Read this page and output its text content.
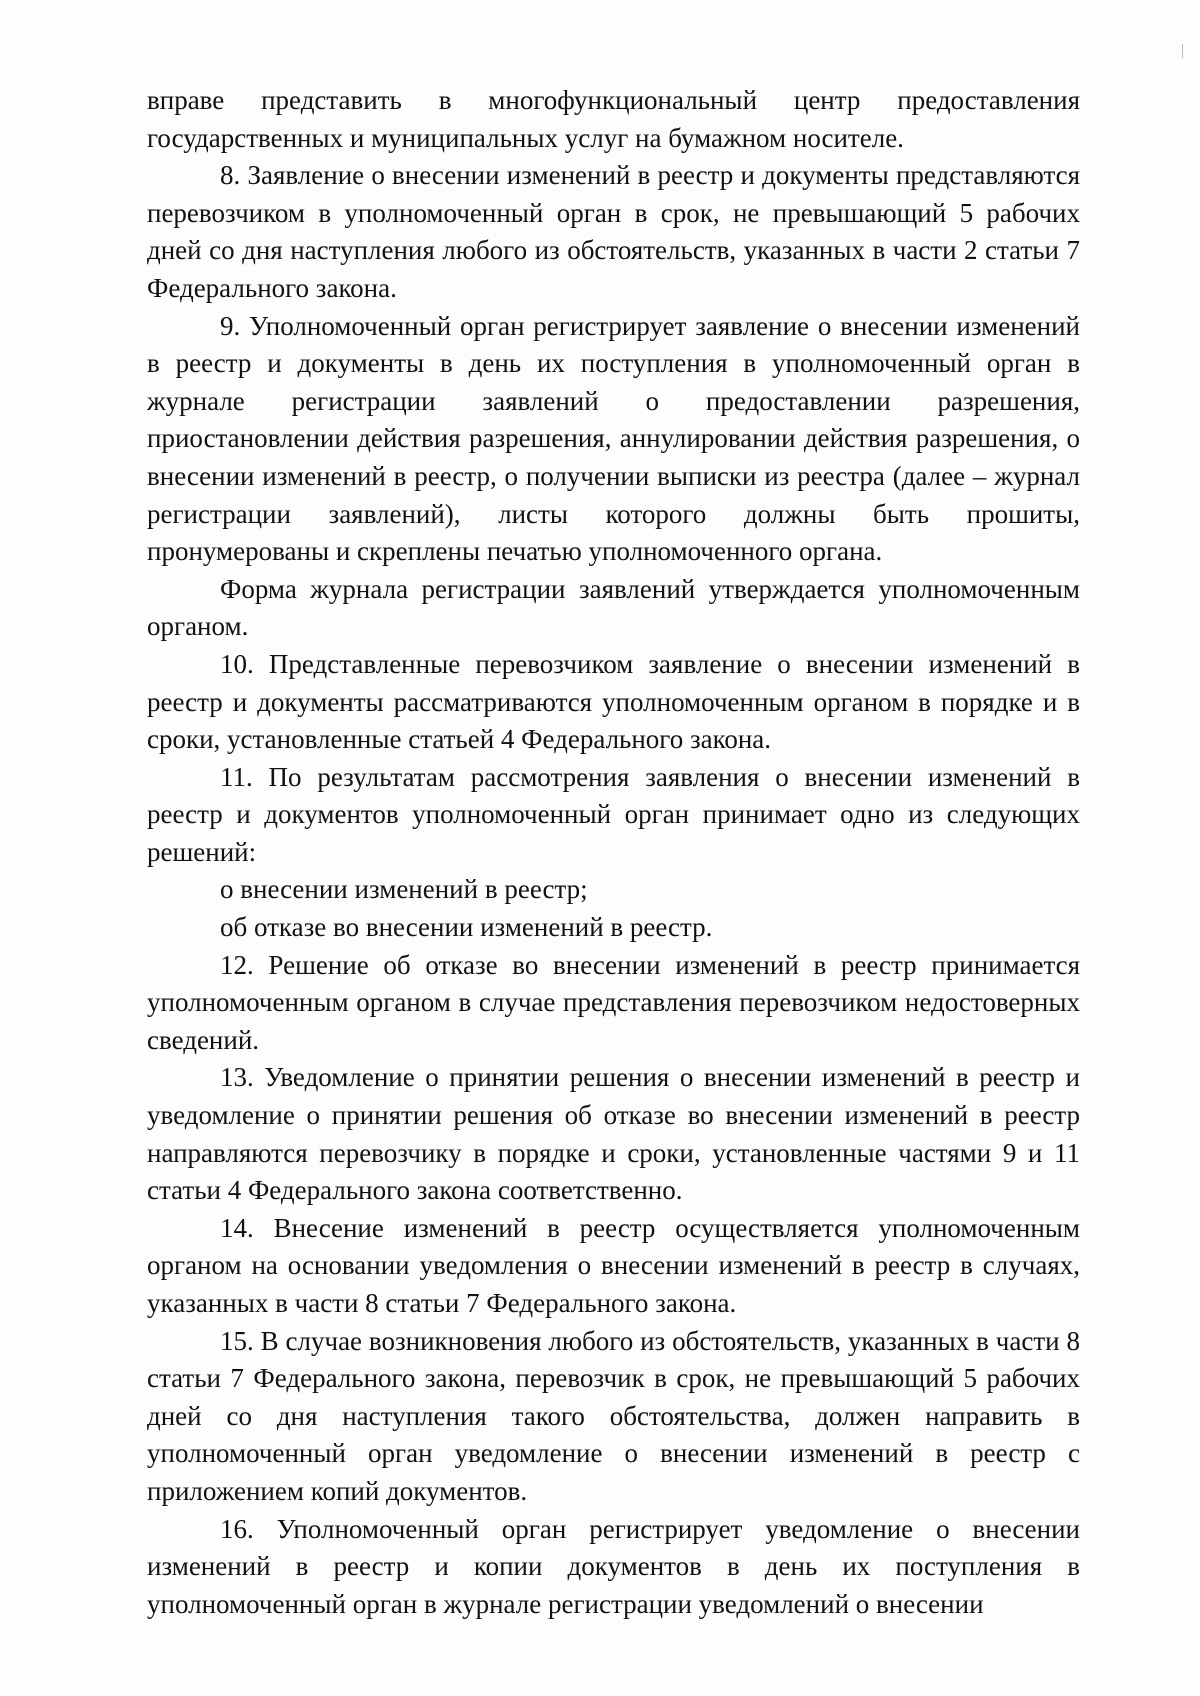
вправе представить в многофункциональный центр предоставления государственных и муниципальных услуг на бумажном носителе.

8. Заявление о внесении изменений в реестр и документы представляются перевозчиком в уполномоченный орган в срок, не превышающий 5 рабочих дней со дня наступления любого из обстоятельств, указанных в части 2 статьи 7 Федерального закона.

9. Уполномоченный орган регистрирует заявление о внесении изменений в реестр и документы в день их поступления в уполномоченный орган в журнале регистрации заявлений о предоставлении разрешения, приостановлении действия разрешения, аннулировании действия разрешения, о внесении изменений в реестр, о получении выписки из реестра (далее – журнал регистрации заявлений), листы которого должны быть прошиты, пронумерованы и скреплены печатью уполномоченного органа.

Форма журнала регистрации заявлений утверждается уполномоченным органом.

10. Представленные перевозчиком заявление о внесении изменений в реестр и документы рассматриваются уполномоченным органом в порядке и в сроки, установленные статьей 4 Федерального закона.

11. По результатам рассмотрения заявления о внесении изменений в реестр и документов уполномоченный орган принимает одно из следующих решений:

о внесении изменений в реестр;

об отказе во внесении изменений в реестр.

12. Решение об отказе во внесении изменений в реестр принимается уполномоченным органом в случае представления перевозчиком недостоверных сведений.

13. Уведомление о принятии решения о внесении изменений в реестр и уведомление о принятии решения об отказе во внесении изменений в реестр направляются перевозчику в порядке и сроки, установленные частями 9 и 11 статьи 4 Федерального закона соответственно.

14. Внесение изменений в реестр осуществляется уполномоченным органом на основании уведомления о внесении изменений в реестр в случаях, указанных в части 8 статьи 7 Федерального закона.

15. В случае возникновения любого из обстоятельств, указанных в части 8 статьи 7 Федерального закона, перевозчик в срок, не превышающий 5 рабочих дней со дня наступления такого обстоятельства, должен направить в уполномоченный орган уведомление о внесении изменений в реестр с приложением копий документов.

16. Уполномоченный орган регистрирует уведомление о внесении изменений в реестр и копии документов в день их поступления в уполномоченный орган в журнале регистрации уведомлений о внесении
